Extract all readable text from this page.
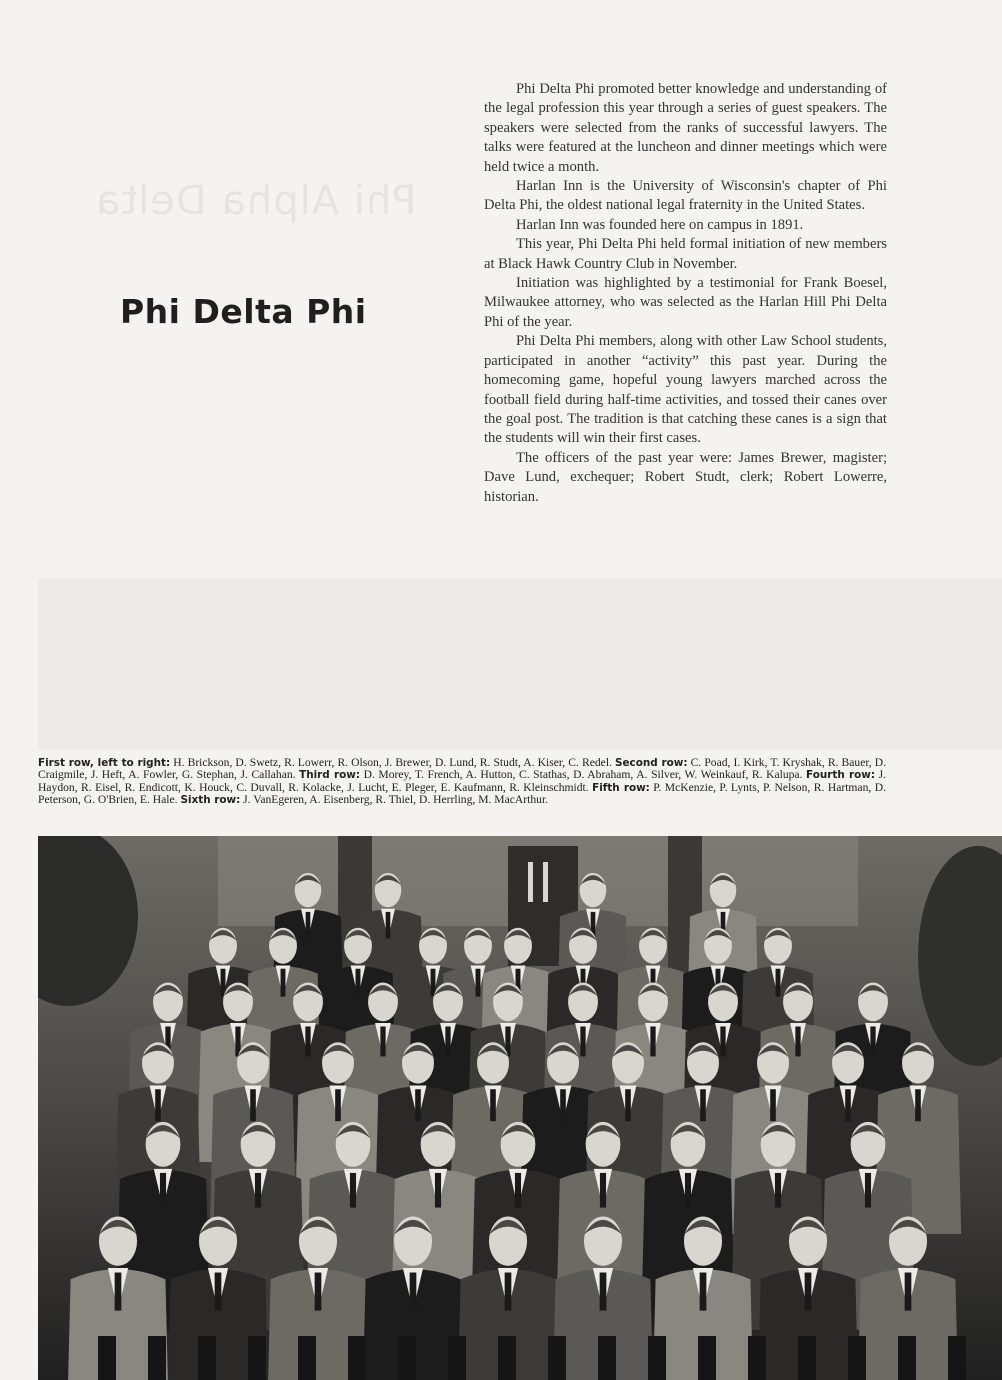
Phi Alpha Delta
Phi Delta Phi

Phi Delta Phi promoted better knowledge and understanding of the legal profession this year through a series of guest speakers. The speakers were selected from the ranks of successful lawyers. The talks were featured at the luncheon and dinner meetings which were held twice a month.

Harlan Inn is the University of Wisconsin's chapter of Phi Delta Phi, the oldest national legal fraternity in the United States.

Harlan Inn was founded here on campus in 1891.

This year, Phi Delta Phi held formal initiation of new members at Black Hawk Country Club in November.

Initiation was highlighted by a testimonial for Frank Boesel, Milwaukee attorney, who was selected as the Harlan Hill Phi Delta Phi of the year.

Phi Delta Phi members, along with other Law School students, participated in another “activity” this past year. During the homecoming game, hopeful young lawyers marched across the football field during half-time activities, and tossed their canes over the goal post. The tradition is that catching these canes is a sign that the students will win their first cases.

The officers of the past year were: James Brewer, magister; Dave Lund, exchequer; Robert Studt, clerk; Robert Lowerre, historian.

First row, left to right: H. Brickson, D. Swetz, R. Lowerr, R. Olson, J. Brewer, D. Lund, R. Studt, A. Kiser, C. Redel. Second row: C. Poad, I. Kirk, T. Kryshak, R. Bauer, D. Craigmile, J. Heft, A. Fowler, G. Stephan, J. Callahan. Third row: D. Morey, T. French, A. Hutton, C. Stathas, D. Abraham, A. Silver, W. Weinkauf, R. Kalupa. Fourth row: J. Haydon, R. Eisel, R. Endicott, K. Houck, C. Duvall, R. Kolacke, J. Lucht, E. Pleger, E. Kaufmann, R. Kleinschmidt. Fifth row: P. McKenzie, P. Lynts, P. Nelson, R. Hartman, D. Peterson, G. O'Brien, E. Hale. Sixth row: J. VanEgeren, A. Eisenberg, R. Thiel, D. Herrling, M. MacArthur.
